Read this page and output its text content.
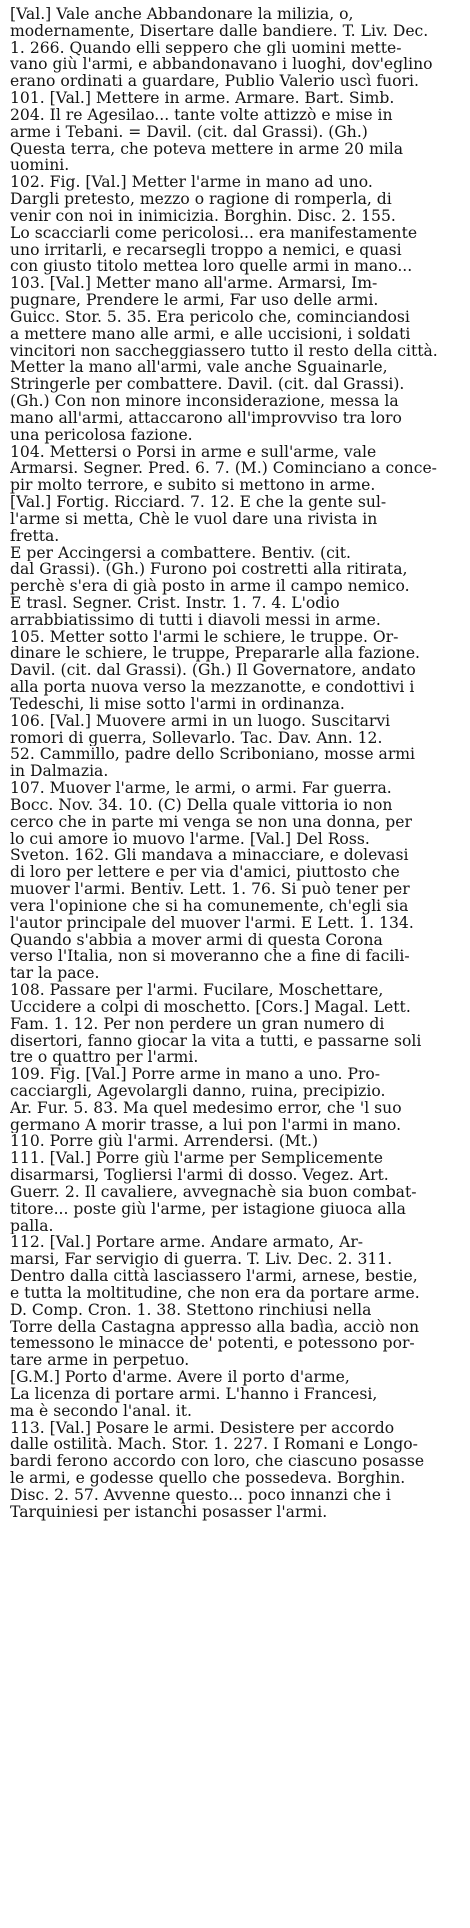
[Val.] Vale anche Abbandonare la milizia, o,
modernamente, Disertare dalle bandiere. T. Liv. Dec.
1. 266. Quando elli seppero che gli uomini mette-
vano giù l'armi, e abbandonavano i luoghi, dov'eglino
erano ordinati a guardare, Publio Valerio uscì fuori.
101. [Val.] Mettere in arme. Armare. Bart. Simb.
204. Il re Agesilao... tante volte attizzò e mise in
arme i Tebani. = Davil. (cit. dal Grassi). (Gh.)
Questa terra, che poteva mettere in arme 20 mila
uomini.
102. Fig. [Val.] Metter l'arme in mano ad uno.
Dargli pretesto, mezzo o ragione di romperla, di
venir con noi in inimicizia. Borghin. Disc. 2. 155.
Lo scacciarli come pericolosi... era manifestamente
uno irritarli, e recarsegli troppo a nemici, e quasi
con giusto titolo mettea loro quelle armi in mano...
103. [Val.] Metter mano all'arme. Armarsi, Im-
pugnare, Prendere le armi, Far uso delle armi.
Guicc. Stor. 5. 35. Era pericolo che, cominciandosi
a mettere mano alle armi, e alle uccisioni, i soldati
vincitori non saccheggiassero tutto il resto della città.
Metter la mano all'armi, vale anche Sguainarle,
Stringerle per combattere. Davil. (cit. dal Grassi).
(Gh.) Con non minore inconsiderazione, messa la
mano all'armi, attaccarono all'improvviso tra loro
una pericolosa fazione.
104. Mettersi o Porsi in arme e sull'arme, vale
Armarsi. Segner. Pred. 6. 7. (M.) Cominciano a conce-
pir molto terrore, e subito si mettono in arme.
[Val.] Fortig. Ricciard. 7. 12. E che la gente sul-
l'arme si metta, Chè le vuol dare una rivista in
fretta.
E per Accingersi a combattere. Bentiv. (cit.
dal Grassi). (Gh.) Furono poi costretti alla ritirata,
perchè s'era di già posto in arme il campo nemico.
E trasl. Segner. Crist. Instr. 1. 7. 4. L'odio
arrabbiatissimo di tutti i diavoli messi in arme.
105. Metter sotto l'armi le schiere, le truppe. Or-
dinare le schiere, le truppe, Prepararle alla fazione.
Davil. (cit. dal Grassi). (Gh.) Il Governatore, andato
alla porta nuova verso la mezzanotte, e condottivi i
Tedeschi, li mise sotto l'armi in ordinanza.
106. [Val.] Muovere armi in un luogo. Suscitarvi
romori di guerra, Sollevarlo. Tac. Dav. Ann. 12.
52. Cammillo, padre dello Scriboniano, mosse armi
in Dalmazia.
107. Muover l'arme, le armi, o armi. Far guerra.
Bocc. Nov. 34. 10. (C) Della quale vittoria io non
cerco che in parte mi venga se non una donna, per
lo cui amore io muovo l'arme. [Val.] Del Ross.
Sveton. 162. Gli mandava a minacciare, e dolevasi
di loro per lettere e per via d'amici, piuttosto che
muover l'armi. Bentiv. Lett. 1. 76. Si può tener per
vera l'opinione che si ha comunemente, ch'egli sia
l'autor principale del muover l'armi. E Lett. 1. 134.
Quando s'abbia a mover armi di questa Corona
verso l'Italia, non si moveranno che a fine di facili-
tar la pace.
108. Passare per l'armi. Fucilare, Moschettare,
Uccidere a colpi di moschetto. [Cors.] Magal. Lett.
Fam. 1. 12. Per non perdere un gran numero di
disertori, fanno giocar la vita a tutti, e passarne soli
tre o quattro per l'armi.
109. Fig. [Val.] Porre arme in mano a uno. Pro-
cacciargli, Agevolargli danno, ruina, precipizio.
Ar. Fur. 5. 83. Ma quel medesimo error, che 'l suo
germano A morir trasse, a lui pon l'armi in mano.
110. Porre giù l'armi. Arrendersi. (Mt.)
111. [Val.] Porre giù l'arme per Semplicemente
disarmarsi, Togliersi l'armi di dosso. Vegez. Art.
Guerr. 2. Il cavaliere, avvegnachè sia buon combat-
titore... poste giù l'arme, per istagione giuoca alla
palla.
112. [Val.] Portare arme. Andare armato, Ar-
marsi, Far servigio di guerra. T. Liv. Dec. 2. 311.
Dentro dalla città lasciassero l'armi, arnese, bestie,
e tutta la moltitudine, che non era da portare arme.
D. Comp. Cron. 1. 38. Stettono rinchiusi nella
Torre della Castagna appresso alla badìa, acciò non
temessono le minacce de' potenti, e potessono por-
tare arme in perpetuo.
[G.M.] Porto d'arme. Avere il porto d'arme,
La licenza di portare armi. L'hanno i Francesi,
ma è secondo l'anal. it.
113. [Val.] Posare le armi. Desistere per accordo
dalle ostilità. Mach. Stor. 1. 227. I Romani e Longo-
bardi ferono accordo con loro, che ciascuno posasse
le armi, e godesse quello che possedeva. Borghin.
Disc. 2. 57. Avvenne questo... poco innanzi che i
Tarquiniesi per istanchi posasser l'armi.
